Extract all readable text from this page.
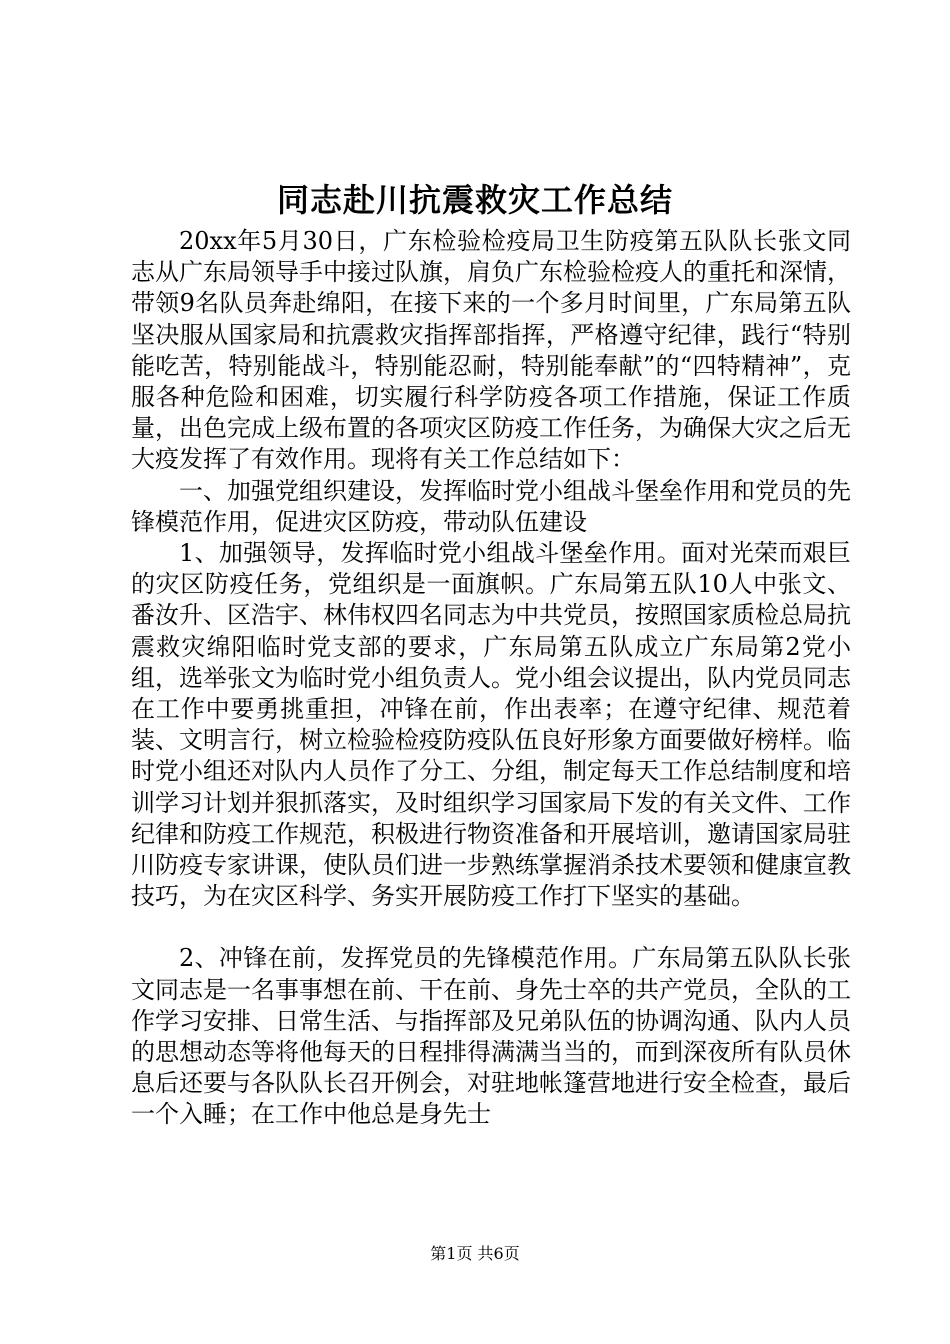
同志赴川抗震救灾工作总结

20xx年5月30日，广东检验检疫局卫生防疫第五队队长张文同志从广东局领导手中接过队旗，肩负广东检验检疫人的重托和深情，带领9名队员奔赴绵阳，在接下来的一个多月时间里，广东局第五队坚决服从国家局和抗震救灾指挥部指挥，严格遵守纪律，践行“特别能吃苦，特别能战斗，特别能忍耐，特别能奉献”的“四特精神”，克服各种危险和困难，切实履行科学防疫各项工作措施，保证工作质量，出色完成上级布置的各项灾区防疫工作任务，为确保大灾之后无大疫发挥了有效作用。现将有关工作总结如下：

一、加强党组织建设，发挥临时党小组战斗堡垒作用和党员的先锋模范作用，促进灾区防疫，带动队伍建设

1、加强领导，发挥临时党小组战斗堡垒作用。面对光荣而艰巨的灾区防疫任务，党组织是一面旗帜。广东局第五队10人中张文、番汝升、区浩宇、林伟权四名同志为中共党员，按照国家质检总局抗震救灾绵阳临时党支部的要求，广东局第五队成立广东局第2党小组，选举张文为临时党小组负责人。党小组会议提出，队内党员同志在工作中要勇挑重担，冲锋在前，作出表率；在遵守纪律、规范着装、文明言行，树立检验检疫防疫队伍良好形象方面要做好榜样。临时党小组还对队内人员作了分工、分组，制定每天工作总结制度和培训学习计划并狠抓落实，及时组织学习国家局下发的有关文件、工作纪律和防疫工作规范，积极进行物资准备和开展培训，邀请国家局驻川防疫专家讲课，使队员们进一步熟练掌握消杀技术要领和健康宣教技巧，为在灾区科学、务实开展防疫工作打下坚实的基础。

2、冲锋在前，发挥党员的先锋模范作用。广东局第五队队长张文同志是一名事事想在前、干在前、身先士卒的共产党员，全队的工作学习安排、日常生活、与指挥部及兄弟队伍的协调沟通、队内人员的思想动态等将他每天的日程排得满满当当的，而到深夜所有队员休息后还要与各队队长召开例会，对驻地帐篷营地进行安全检查，最后一个入睡；在工作中他总是身先士

第1页 共6页
